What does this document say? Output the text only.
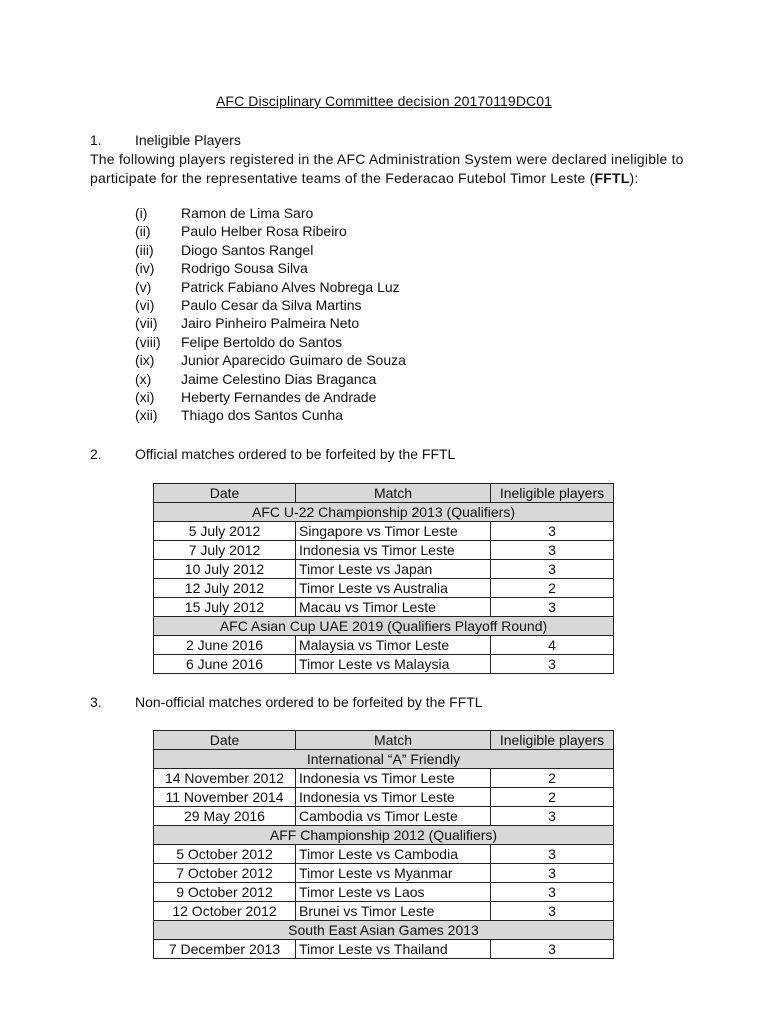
AFC Disciplinary Committee decision 20170119DC01
1. Ineligible Players
The following players registered in the AFC Administration System were declared ineligible to participate for the representative teams of the Federacao Futebol Timor Leste (FFTL):
(i) Ramon de Lima Saro
(ii) Paulo Helber Rosa Ribeiro
(iii) Diogo Santos Rangel
(iv) Rodrigo Sousa Silva
(v) Patrick Fabiano Alves Nobrega Luz
(vi) Paulo Cesar da Silva Martins
(vii) Jairo Pinheiro Palmeira Neto
(viii) Felipe Bertoldo do Santos
(ix) Junior Aparecido Guimaro de Souza
(x) Jaime Celestino Dias Braganca
(xi) Heberty Fernandes de Andrade
(xii) Thiago dos Santos Cunha
2. Official matches ordered to be forfeited by the FFTL
Date	Match	Ineligible players
AFC U-22 Championship 2013 (Qualifiers)		
5 July 2012	Singapore vs Timor Leste	3
7 July 2012	Indonesia vs Timor Leste	3
10 July 2012	Timor Leste vs Japan	3
12 July 2012	Timor Leste vs Australia	2
15 July 2012	Macau vs Timor Leste	3
AFC Asian Cup UAE 2019 (Qualifiers Playoff Round)		
2 June 2016	Malaysia vs Timor Leste	4
6 June 2016	Timor Leste vs Malaysia	3
3. Non-official matches ordered to be forfeited by the FFTL
Date	Match	Ineligible players
International “A” Friendly		
14 November 2012	Indonesia vs Timor Leste	2
11 November 2014	Indonesia vs Timor Leste	2
29 May 2016	Cambodia vs Timor Leste	3
AFF Championship 2012 (Qualifiers)		
5 October 2012	Timor Leste vs Cambodia	3
7 October 2012	Timor Leste vs Myanmar	3
9 October 2012	Timor Leste vs Laos	3
12 October 2012	Brunei vs Timor Leste	3
South East Asian Games 2013		
7 December 2013	Timor Leste vs Thailand	3
